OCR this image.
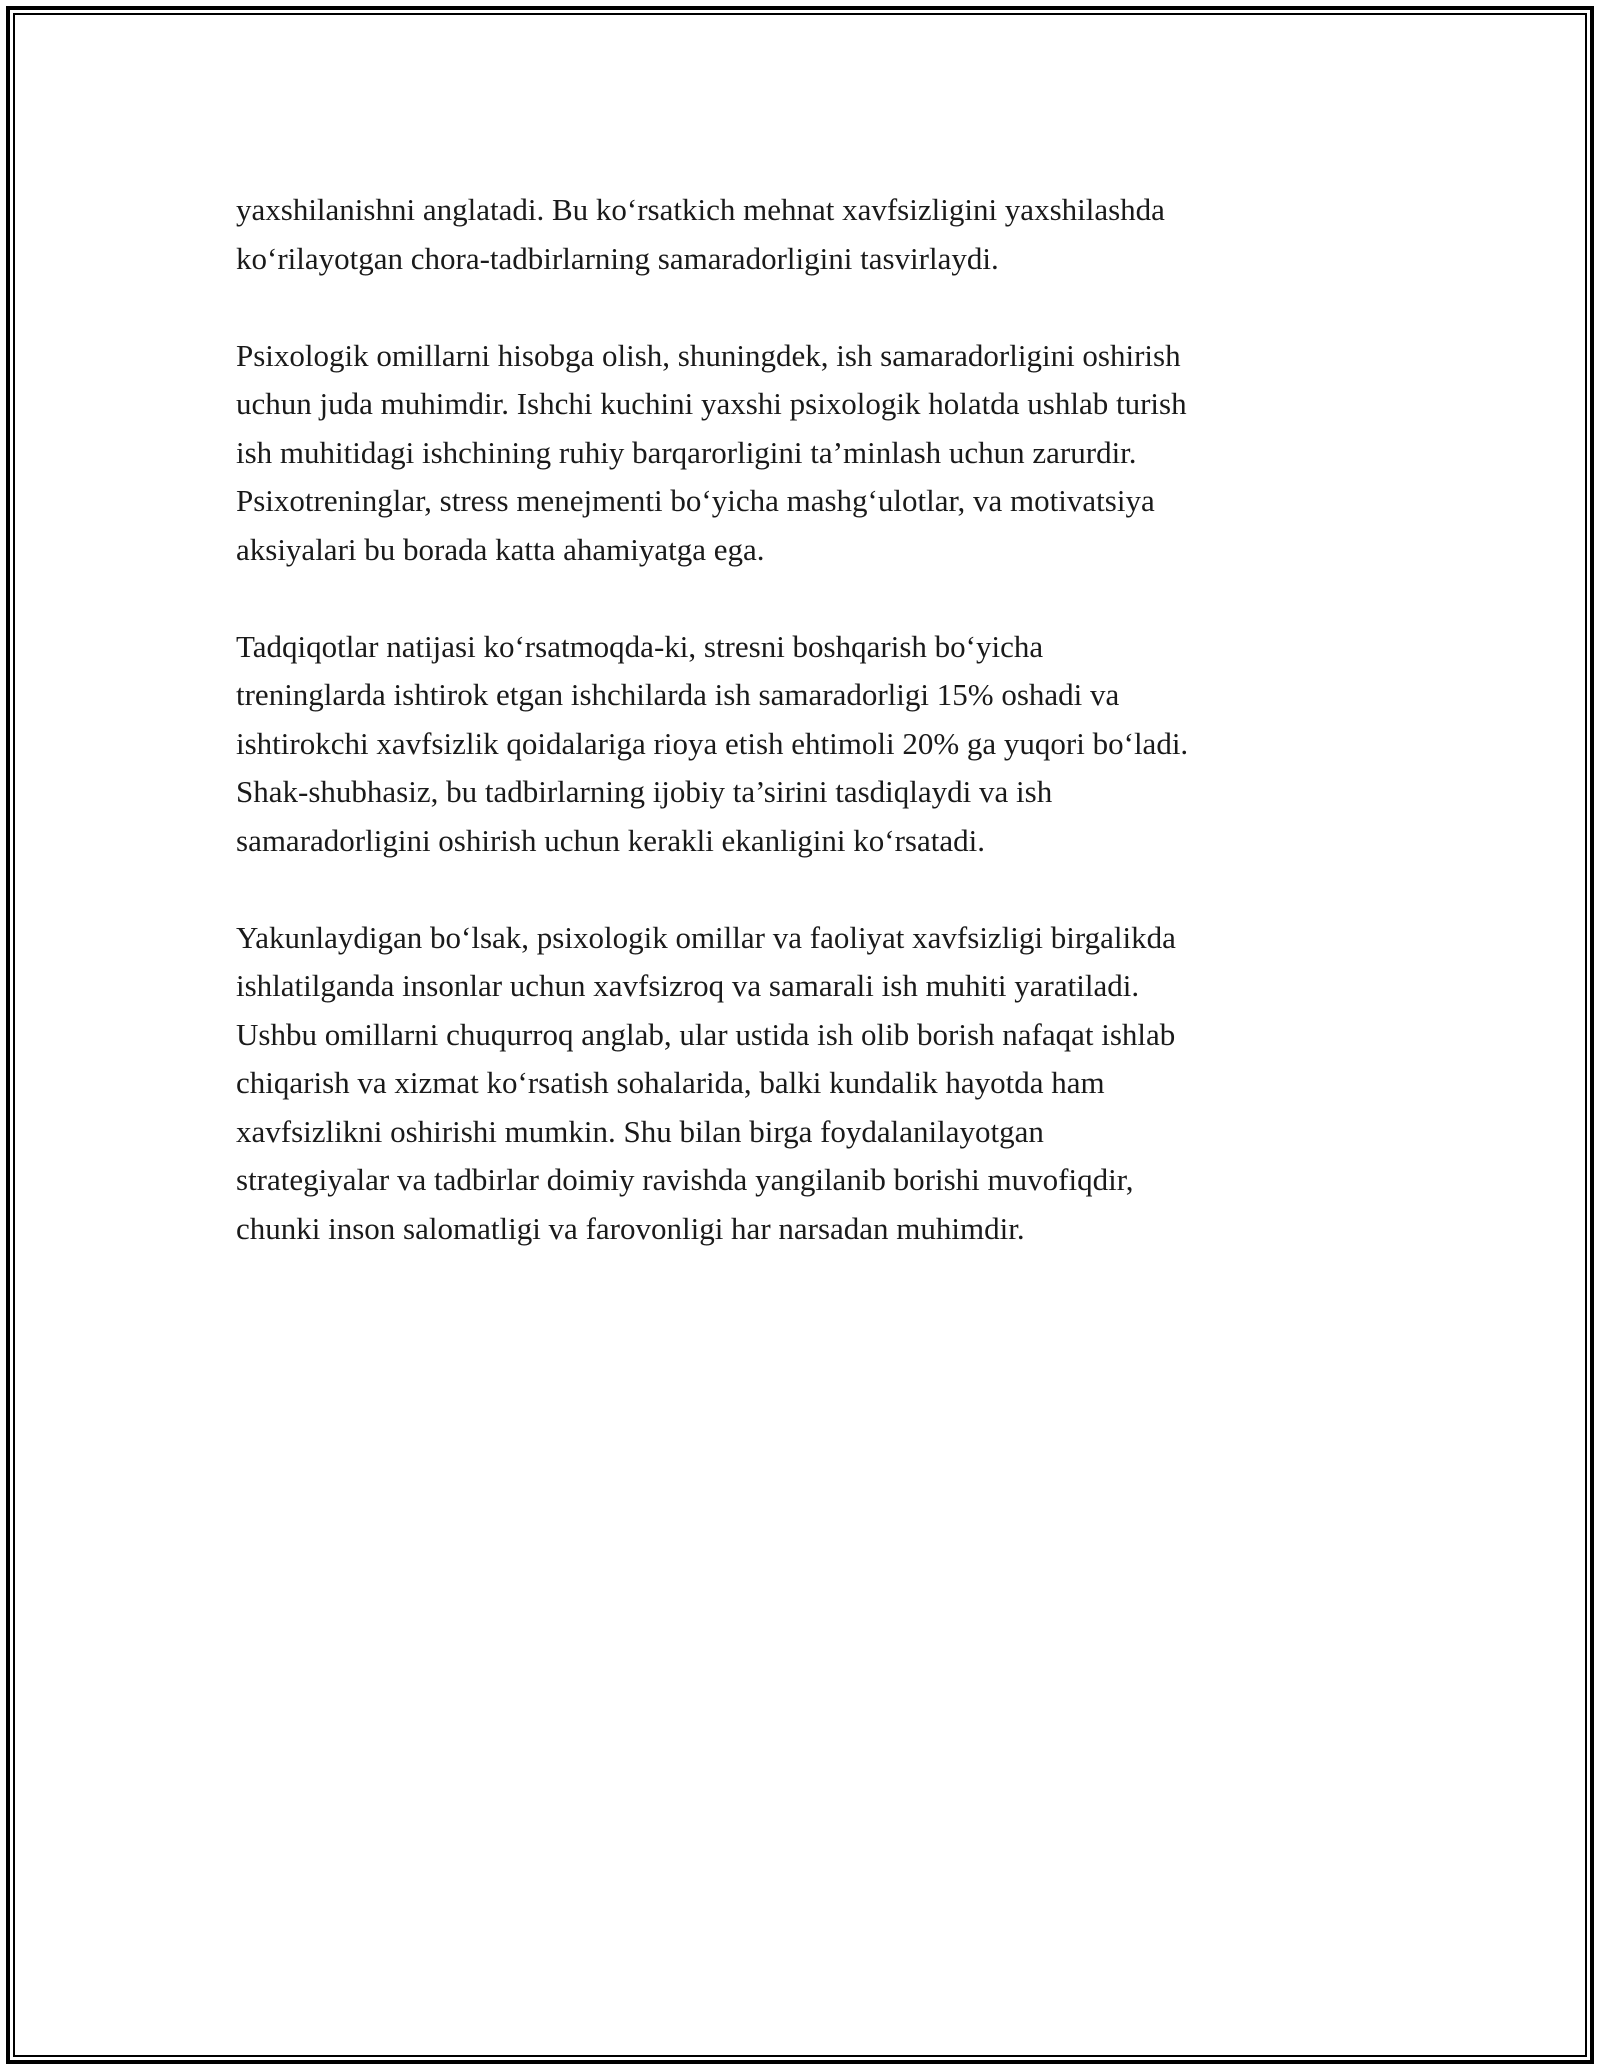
yaxshilanishni anglatadi. Bu ko‘rsatkich mehnat xavfsizligini yaxshilashda
ko‘rilayotgan chora-tadbirlarning samaradorligini tasvirlaydi.

Psixologik omillarni hisobga olish, shuningdek, ish samaradorligini oshirish
uchun juda muhimdir. Ishchi kuchini yaxshi psixologik holatda ushlab turish
ish muhitidagi ishchining ruhiy barqarorligini ta’minlash uchun zarurdir.
Psixotreninglar, stress menejmenti bo‘yicha mashg‘ulotlar, va motivatsiya
aksiyalari bu borada katta ahamiyatga ega.

Tadqiqotlar natijasi ko‘rsatmoqda-ki, stresni boshqarish bo‘yicha
treninglarda ishtirok etgan ishchilarda ish samaradorligi 15% oshadi va
ishtirokchi xavfsizlik qoidalariga rioya etish ehtimoli 20% ga yuqori bo‘ladi.
Shak-shubhasiz, bu tadbirlarning ijobiy ta’sirini tasdiqlaydi va ish
samaradorligini oshirish uchun kerakli ekanligini ko‘rsatadi.

Yakunlaydigan bo‘lsak, psixologik omillar va faoliyat xavfsizligi birgalikda
ishlatilganda insonlar uchun xavfsizroq va samarali ish muhiti yaratiladi.
Ushbu omillarni chuqurroq anglab, ular ustida ish olib borish nafaqat ishlab
chiqarish va xizmat ko‘rsatish sohalarida, balki kundalik hayotda ham
xavfsizlikni oshirishi mumkin. Shu bilan birga foydalanilayotgan
strategiyalar va tadbirlar doimiy ravishda yangilanib borishi muvofiqdir,
chunki inson salomatligi va farovonligi har narsadan muhimdir.
